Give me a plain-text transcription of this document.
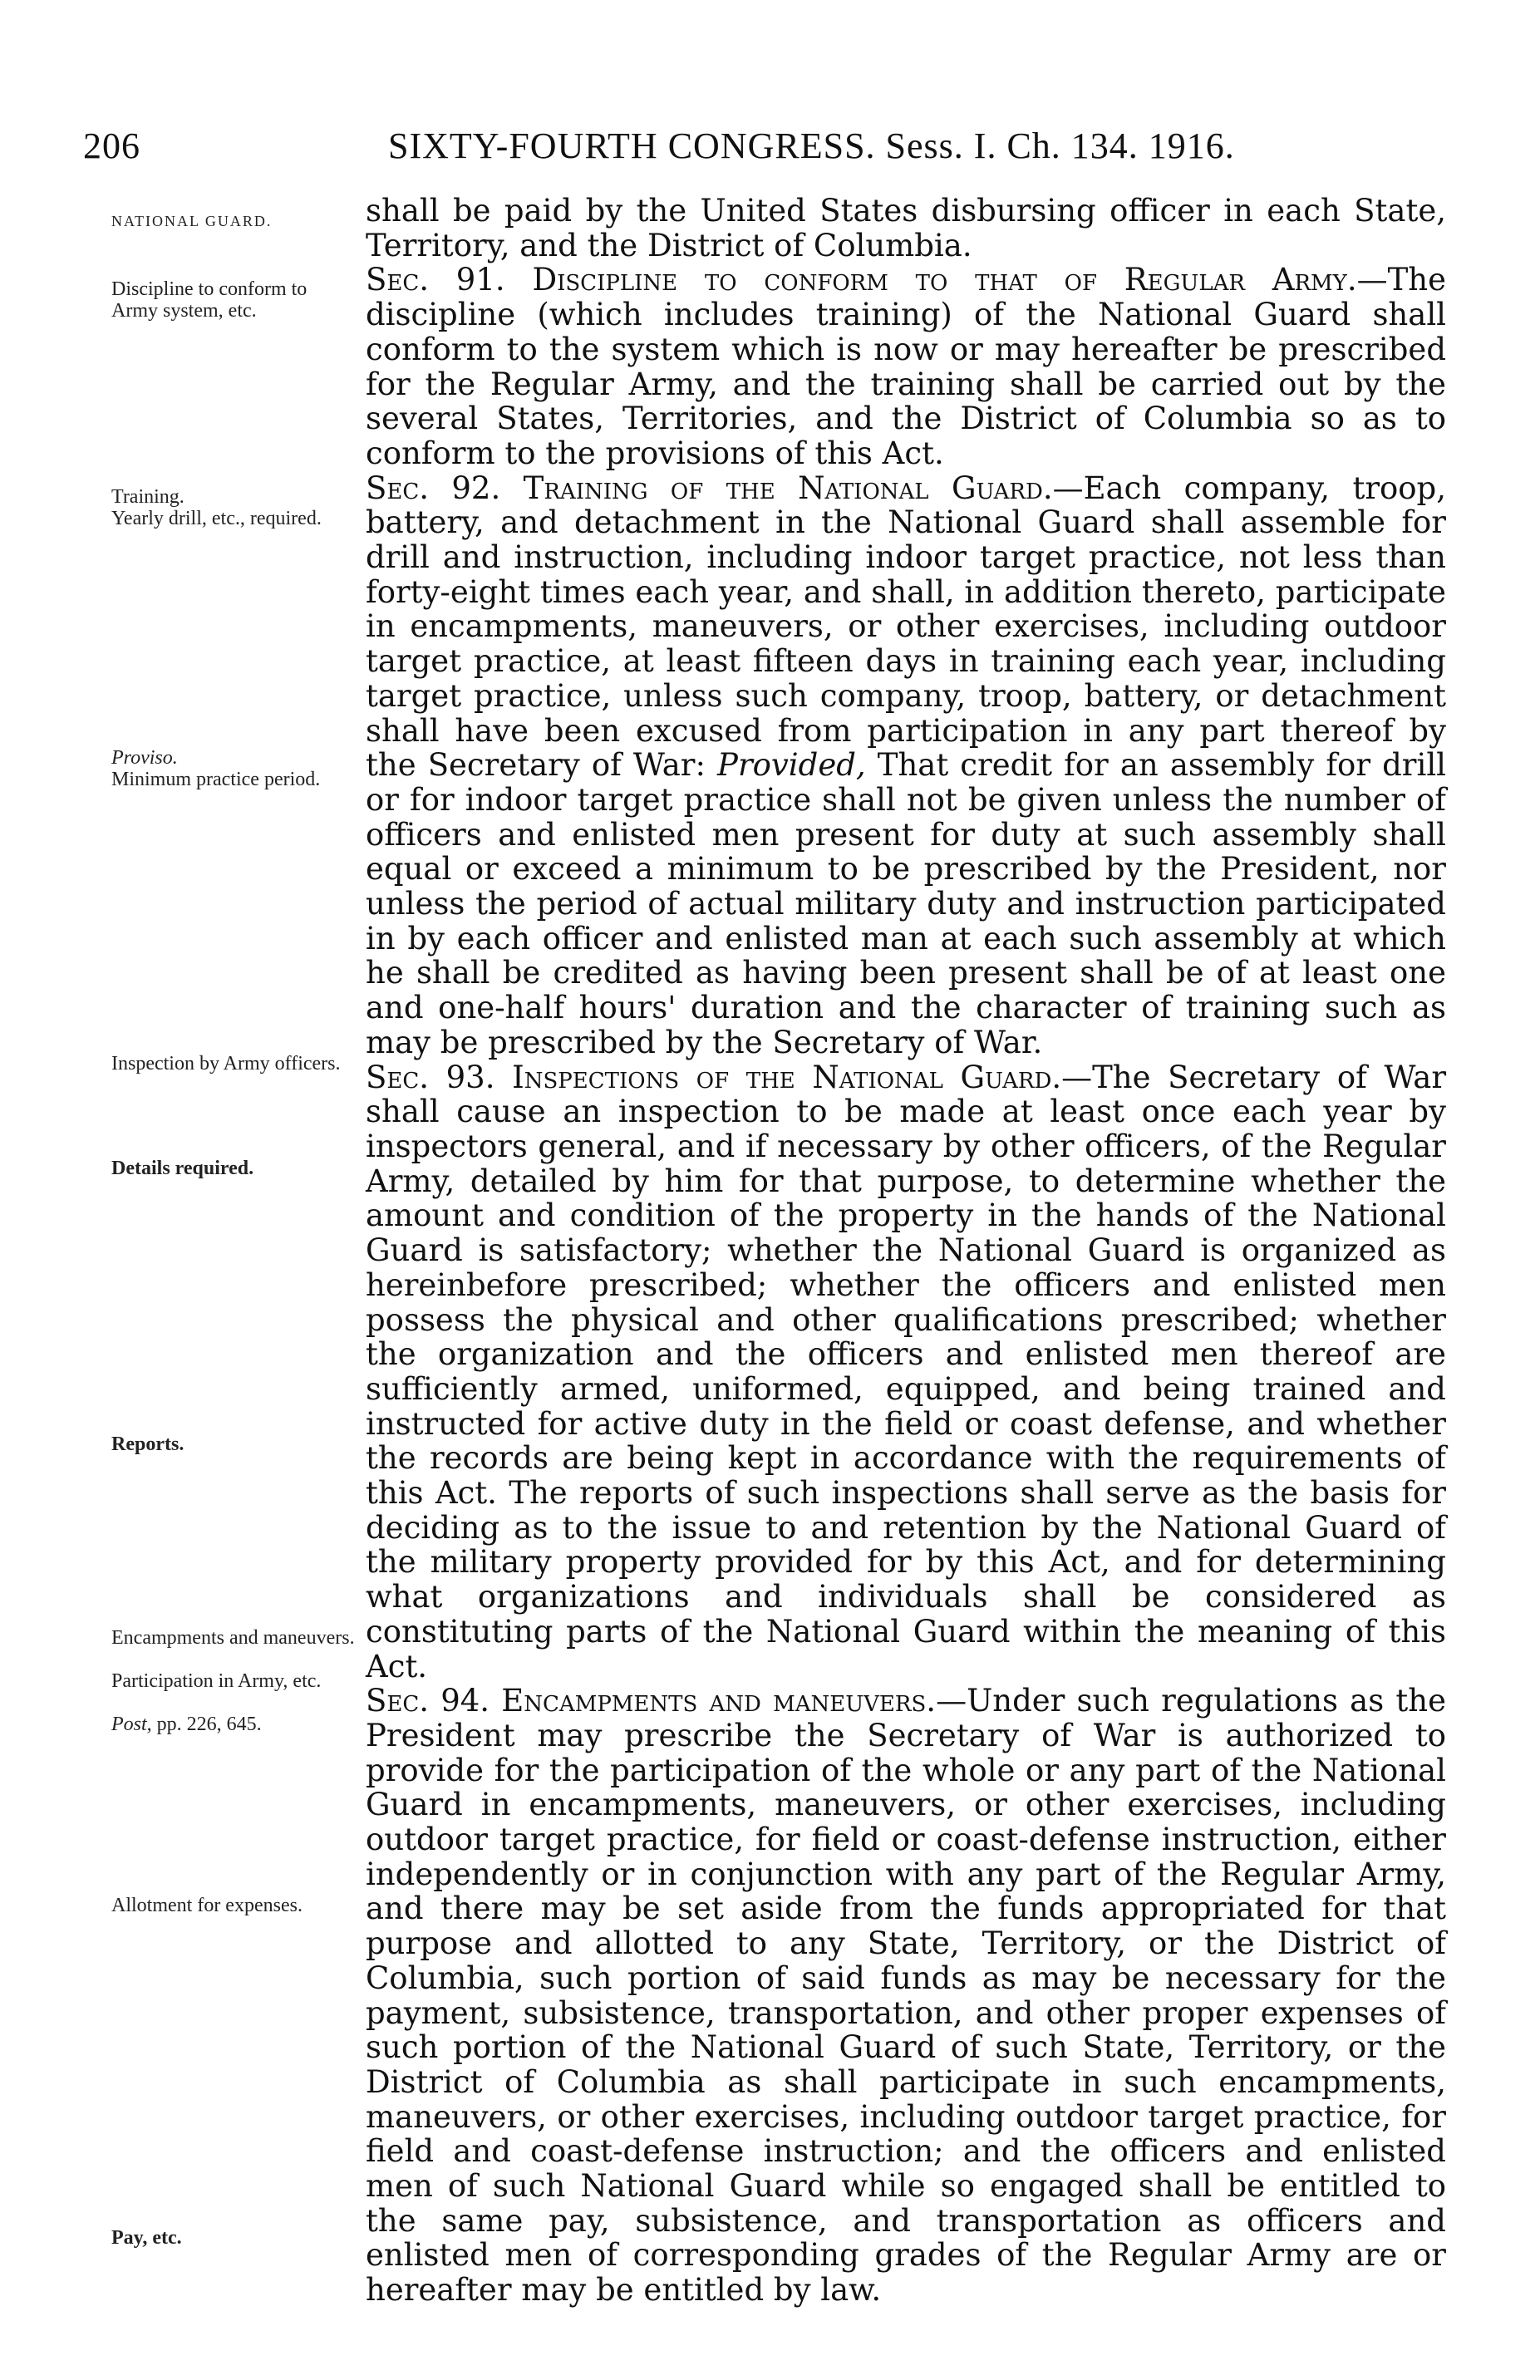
206	SIXTY-FOURTH CONGRESS. Sess. I. Ch. 134. 1916.
NATIONAL GUARD.
Discipline to conform to Army system, etc.
Training.
Yearly drill, etc., required.
Proviso.
Minimum practice period.
Inspection by Army officers.
Details required.
Reports.
Encampments and maneuvers.
Participation in Army, etc.
Post, pp. 226, 645.
Allotment for expenses.
Pay, etc.

shall be paid by the United States disbursing officer in each State, Territory, and the District of Columbia.

Sec. 91. Discipline to conform to that of Regular Army.—The discipline (which includes training) of the National Guard shall conform to the system which is now or may hereafter be prescribed for the Regular Army, and the training shall be carried out by the several States, Territories, and the District of Columbia so as to conform to the provisions of this Act.

Sec. 92. Training of the National Guard.—Each company, troop, battery, and detachment in the National Guard shall assemble for drill and instruction, including indoor target practice, not less than forty-eight times each year, and shall, in addition thereto, participate in encampments, maneuvers, or other exercises, including outdoor target practice, at least fifteen days in training each year, including target practice, unless such company, troop, battery, or detachment shall have been excused from participation in any part thereof by the Secretary of War: Provided, That credit for an assembly for drill or for indoor target practice shall not be given unless the number of officers and enlisted men present for duty at such assembly shall equal or exceed a minimum to be prescribed by the President, nor unless the period of actual military duty and instruction participated in by each officer and enlisted man at each such assembly at which he shall be credited as having been present shall be of at least one and one-half hours' duration and the character of training such as may be prescribed by the Secretary of War.

Sec. 93. Inspections of the National Guard.—The Secretary of War shall cause an inspection to be made at least once each year by inspectors general, and if necessary by other officers, of the Regular Army, detailed by him for that purpose, to determine whether the amount and condition of the property in the hands of the National Guard is satisfactory; whether the National Guard is organized as hereinbefore prescribed; whether the officers and enlisted men possess the physical and other qualifications prescribed; whether the organization and the officers and enlisted men thereof are sufficiently armed, uniformed, equipped, and being trained and instructed for active duty in the field or coast defense, and whether the records are being kept in accordance with the requirements of this Act. The reports of such inspections shall serve as the basis for deciding as to the issue to and retention by the National Guard of the military property provided for by this Act, and for determining what organizations and individuals shall be considered as constituting parts of the National Guard within the meaning of this Act.

Sec. 94. Encampments and maneuvers.—Under such regulations as the President may prescribe the Secretary of War is authorized to provide for the participation of the whole or any part of the National Guard in encampments, maneuvers, or other exercises, including outdoor target practice, for field or coast-defense instruction, either independently or in conjunction with any part of the Regular Army, and there may be set aside from the funds appropriated for that purpose and allotted to any State, Territory, or the District of Columbia, such portion of said funds as may be necessary for the payment, subsistence, transportation, and other proper expenses of such portion of the National Guard of such State, Territory, or the District of Columbia as shall participate in such encampments, maneuvers, or other exercises, including outdoor target practice, for field and coast-defense instruction; and the officers and enlisted men of such National Guard while so engaged shall be entitled to the same pay, subsistence, and transportation as officers and enlisted men of corresponding grades of the Regular Army are or hereafter may be entitled by law.
